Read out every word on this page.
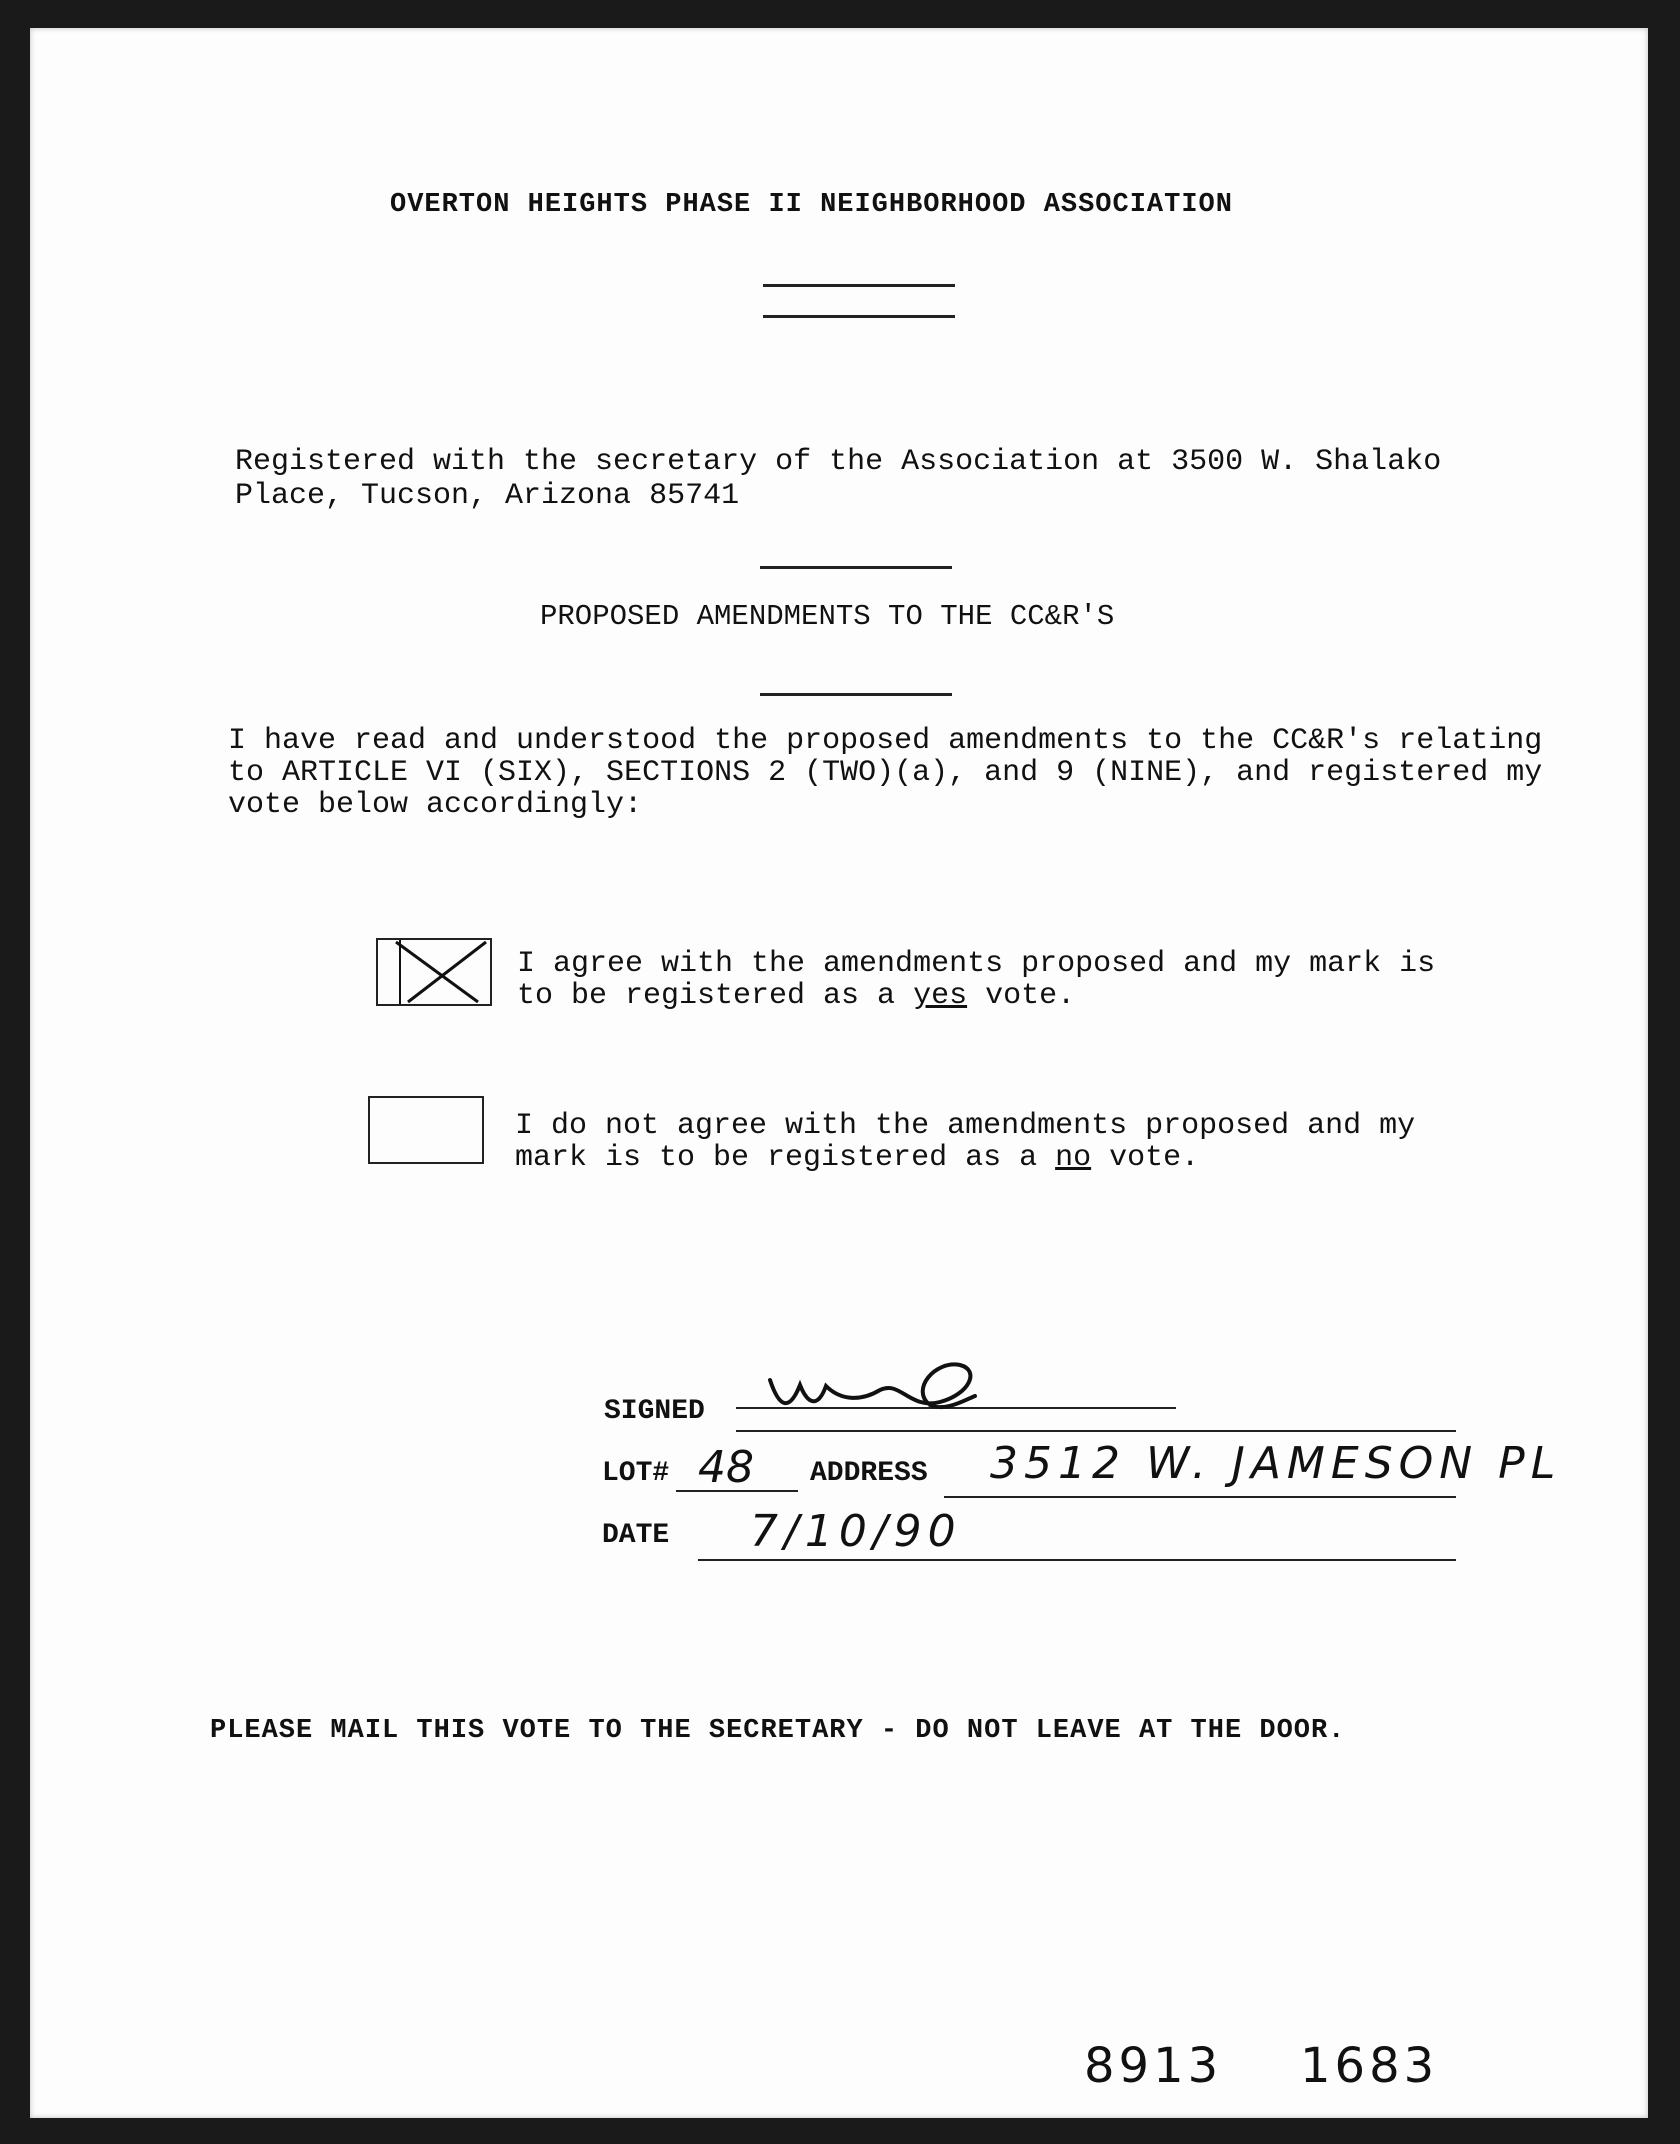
OVERTON HEIGHTS PHASE II NEIGHBORHOOD ASSOCIATION
Registered with the secretary of the Association at 3500 W. Shalako
Place, Tucson, Arizona 85741
PROPOSED AMENDMENTS TO THE CC&R'S
I have read and understood the proposed amendments to the CC&R's relating to ARTICLE VI (SIX), SECTIONS 2 (TWO)(a), and 9 (NINE), and registered my vote below accordingly:
I agree with the amendments proposed and my mark is to be registered as a yes vote.
I do not agree with the amendments proposed and my mark is to be registered as a no vote.
SIGNED
LOT# 48 ADDRESS 3512 W. JAMESON PL
DATE 7/10/90
PLEASE MAIL THIS VOTE TO THE SECRETARY - DO NOT LEAVE AT THE DOOR.
8913 1683
